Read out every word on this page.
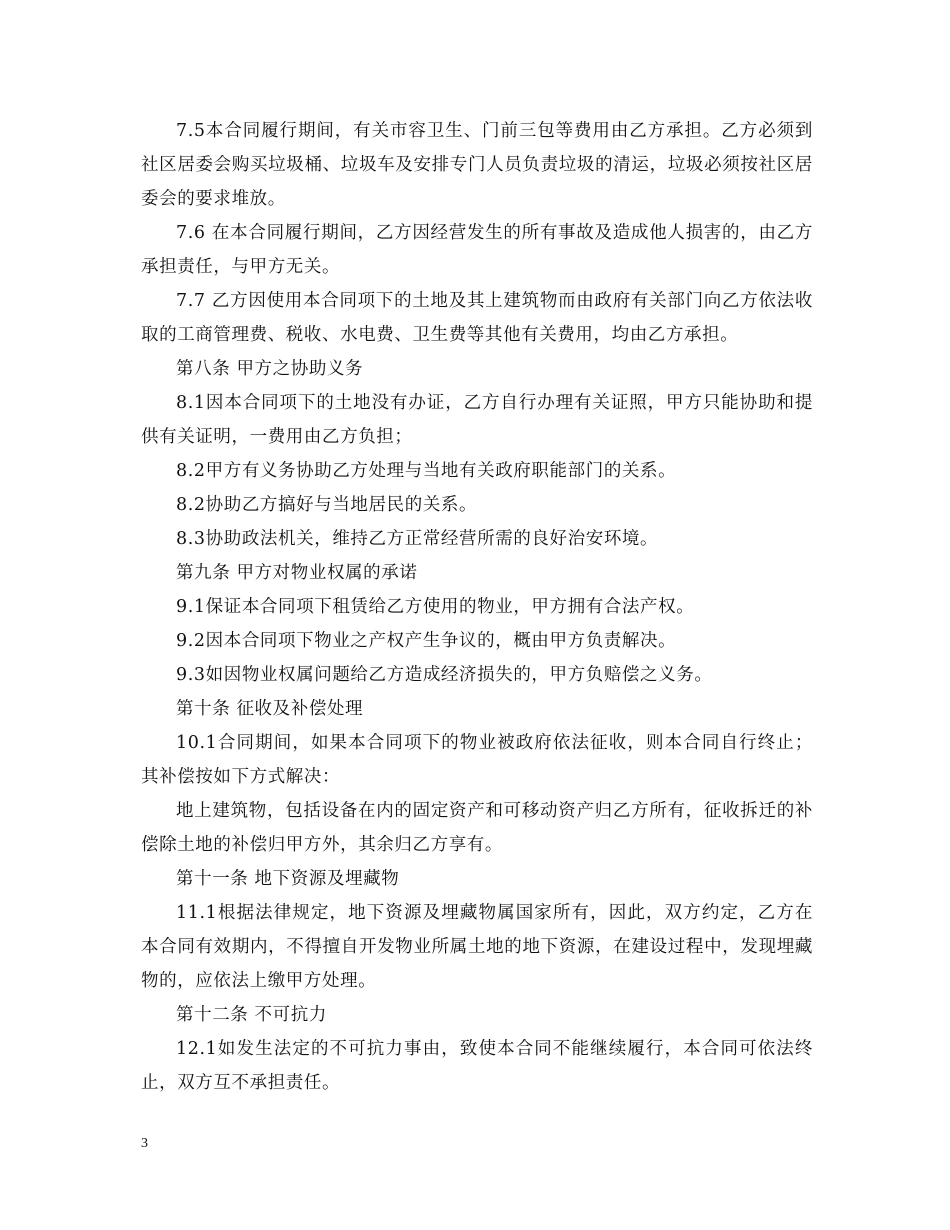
7.5本合同履行期间，有关市容卫生、门前三包等费用由乙方承担。乙方必须到社区居委会购买垃圾桶、垃圾车及安排专门人员负责垃圾的清运，垃圾必须按社区居委会的要求堆放。

7.6 在本合同履行期间，乙方因经营发生的所有事故及造成他人损害的，由乙方承担责任，与甲方无关。

7.7 乙方因使用本合同项下的土地及其上建筑物而由政府有关部门向乙方依法收取的工商管理费、税收、水电费、卫生费等其他有关费用，均由乙方承担。

第八条 甲方之协助义务

8.1因本合同项下的土地没有办证，乙方自行办理有关证照，甲方只能协助和提供有关证明，一费用由乙方负担；

8.2甲方有义务协助乙方处理与当地有关政府职能部门的关系。

8.2协助乙方搞好与当地居民的关系。

8.3协助政法机关，维持乙方正常经营所需的良好治安环境。

第九条 甲方对物业权属的承诺

9.1保证本合同项下租赁给乙方使用的物业，甲方拥有合法产权。

9.2因本合同项下物业之产权产生争议的，概由甲方负责解决。

9.3如因物业权属问题给乙方造成经济损失的，甲方负赔偿之义务。

第十条 征收及补偿处理

10.1合同期间，如果本合同项下的物业被政府依法征收，则本合同自行终止；其补偿按如下方式解决：

地上建筑物，包括设备在内的固定资产和可移动资产归乙方所有，征收拆迁的补偿除土地的补偿归甲方外，其余归乙方享有。

第十一条 地下资源及埋藏物

11.1根据法律规定，地下资源及埋藏物属国家所有，因此，双方约定，乙方在本合同有效期内，不得擅自开发物业所属土地的地下资源，在建设过程中，发现埋藏物的，应依法上缴甲方处理。

第十二条 不可抗力

12.1如发生法定的不可抗力事由，致使本合同不能继续履行，本合同可依法终止，双方互不承担责任。

3
